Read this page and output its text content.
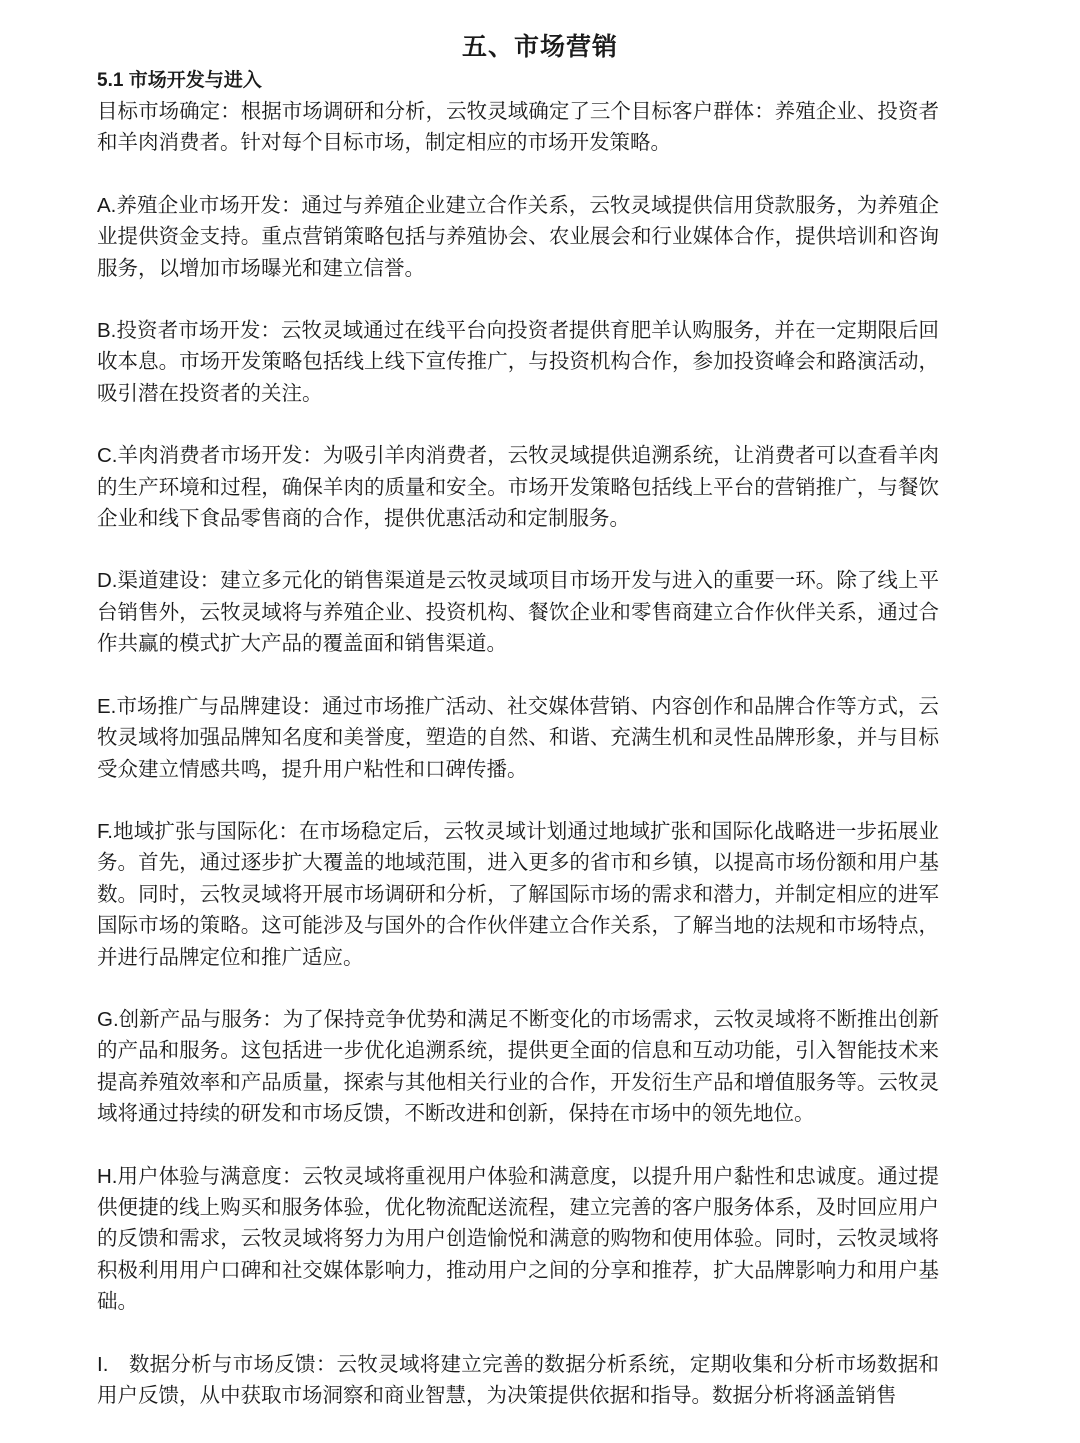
五、市场营销
5.1 市场开发与进入

目标市场确定：根据市场调研和分析，云牧灵域确定了三个目标客户群体：养殖企业、投资者和羊肉消费者。针对每个目标市场，制定相应的市场开发策略。

A.养殖企业市场开发：通过与养殖企业建立合作关系，云牧灵域提供信用贷款服务，为养殖企业提供资金支持。重点营销策略包括与养殖协会、农业展会和行业媒体合作，提供培训和咨询服务，以增加市场曝光和建立信誉。

B.投资者市场开发：云牧灵域通过在线平台向投资者提供育肥羊认购服务，并在一定期限后回收本息。市场开发策略包括线上线下宣传推广，与投资机构合作，参加投资峰会和路演活动，吸引潜在投资者的关注。

C.羊肉消费者市场开发：为吸引羊肉消费者，云牧灵域提供追溯系统，让消费者可以查看羊肉的生产环境和过程，确保羊肉的质量和安全。市场开发策略包括线上平台的营销推广，与餐饮企业和线下食品零售商的合作，提供优惠活动和定制服务。

D.渠道建设：建立多元化的销售渠道是云牧灵域项目市场开发与进入的重要一环。除了线上平台销售外，云牧灵域将与养殖企业、投资机构、餐饮企业和零售商建立合作伙伴关系，通过合作共赢的模式扩大产品的覆盖面和销售渠道。

E.市场推广与品牌建设：通过市场推广活动、社交媒体营销、内容创作和品牌合作等方式，云牧灵域将加强品牌知名度和美誉度，塑造的自然、和谐、充满生机和灵性品牌形象，并与目标受众建立情感共鸣，提升用户粘性和口碑传播。

F.地域扩张与国际化：在市场稳定后，云牧灵域计划通过地域扩张和国际化战略进一步拓展业务。首先，通过逐步扩大覆盖的地域范围，进入更多的省市和乡镇，以提高市场份额和用户基数。同时，云牧灵域将开展市场调研和分析，了解国际市场的需求和潜力，并制定相应的进军国际市场的策略。这可能涉及与国外的合作伙伴建立合作关系，了解当地的法规和市场特点，并进行品牌定位和推广适应。

G.创新产品与服务：为了保持竞争优势和满足不断变化的市场需求，云牧灵域将不断推出创新的产品和服务。这包括进一步优化追溯系统，提供更全面的信息和互动功能，引入智能技术来提高养殖效率和产品质量，探索与其他相关行业的合作，开发衍生产品和增值服务等。云牧灵域将通过持续的研发和市场反馈，不断改进和创新，保持在市场中的领先地位。

H.用户体验与满意度：云牧灵域将重视用户体验和满意度，以提升用户黏性和忠诚度。通过提供便捷的线上购买和服务体验，优化物流配送流程，建立完善的客户服务体系，及时回应用户的反馈和需求，云牧灵域将努力为用户创造愉悦和满意的购物和使用体验。同时，云牧灵域将积极利用用户口碑和社交媒体影响力，推动用户之间的分享和推荐，扩大品牌影响力和用户基础。

I. 数据分析与市场反馈：云牧灵域将建立完善的数据分析系统，定期收集和分析市场数据和用户反馈，从中获取市场洞察和商业智慧，为决策提供依据和指导。数据分析将涵盖销售
